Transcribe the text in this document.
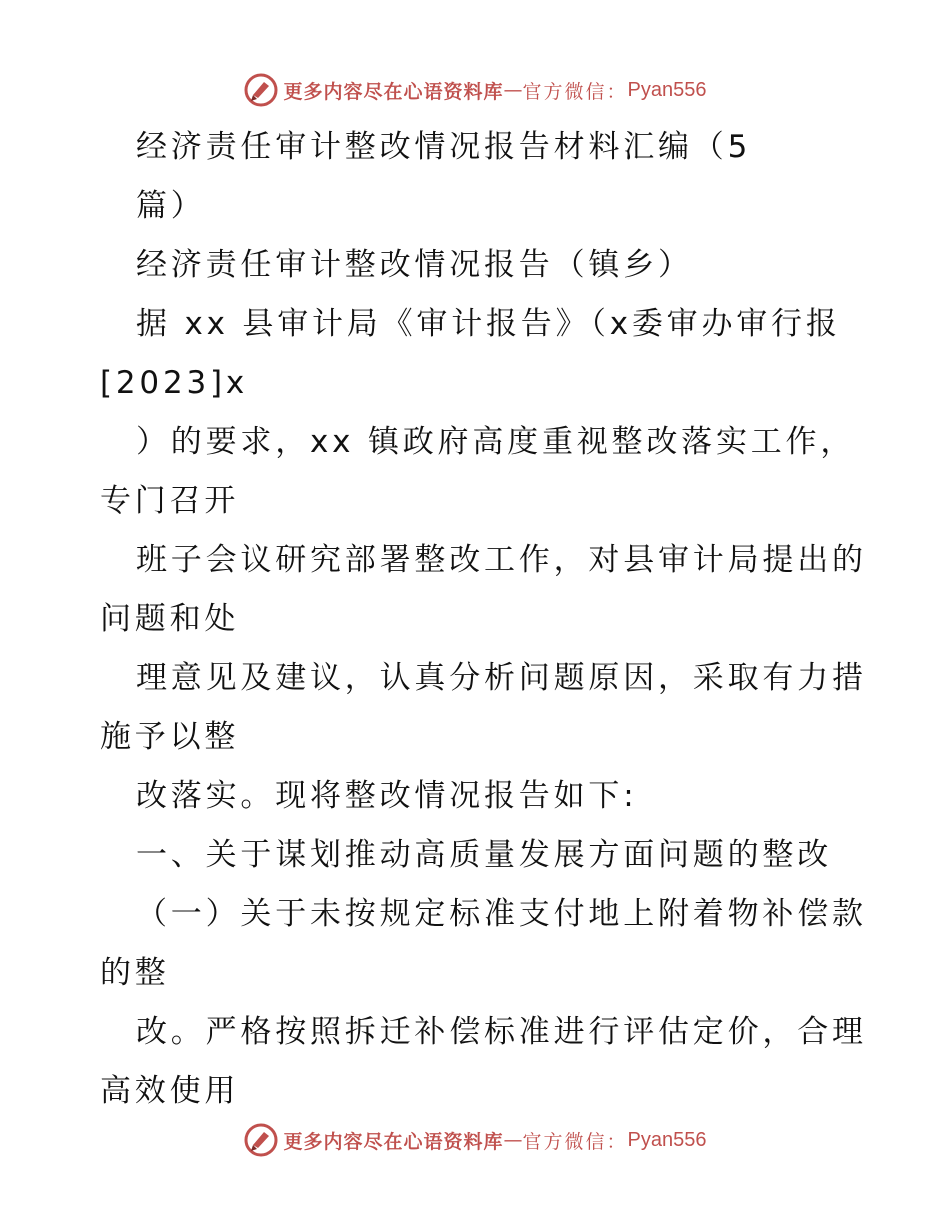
更多内容尽在心语资料库 — 官方微信： Pyan556
经济责任审计整改情况报告材料汇编（5
篇）
经济责任审计整改情况报告（镇乡）
据 xx 县审计局《审计报告》（x委审办审行报
[2023]x
）的要求，xx 镇政府高度重视整改落实工作，
专门召开
班子会议研究部署整改工作，对县审计局提出的
问题和处
理意见及建议，认真分析问题原因，采取有力措
施予以整
改落实。现将整改情况报告如下:
一、关于谋划推动高质量发展方面问题的整改
（一）关于未按规定标准支付地上附着物补偿款
的整
改。严格按照拆迁补偿标准进行评估定价，合理
高效使用
更多内容尽在心语资料库 — 官方微信： Pyan556
